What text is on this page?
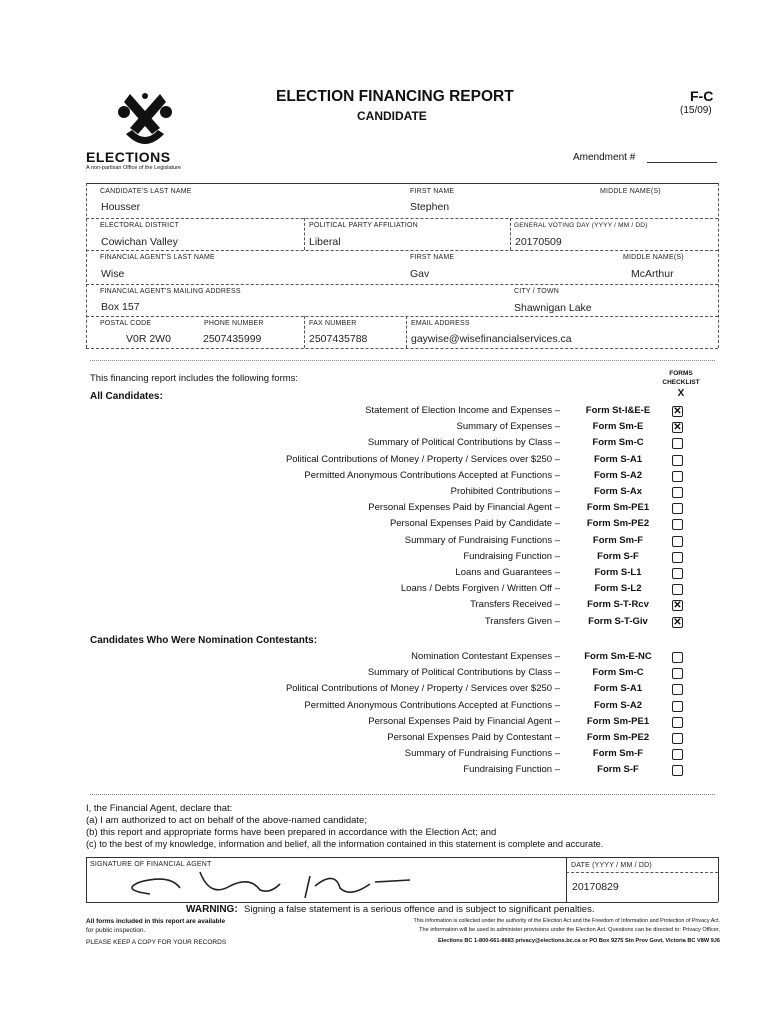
ELECTIONS
A non-partisan Office of the Legislature
ELECTION FINANCING REPORT
CANDIDATE
F-C
(15/09)
Amendment #
CANDIDATE'S LAST NAME
Housser
FIRST NAME
Stephen
MIDDLE NAME(S)
ELECTORAL DISTRICT
Cowichan Valley
POLITICAL PARTY AFFILIATION
Liberal
GENERAL VOTING DAY (YYYY / MM / DD)
20170509
FINANCIAL AGENT'S LAST NAME
Wise
FIRST NAME
Gav
MIDDLE NAME(S)
McArthur
FINANCIAL AGENT'S MAILING ADDRESS
Box 157
CITY / TOWN
Shawnigan Lake
POSTAL CODE
V0R 2W0
PHONE NUMBER
2507435999
FAX NUMBER
2507435788
EMAIL ADDRESS
gaywise@wisefinancialservices.ca
This financing report includes the following forms:	FORMS
CHECKLIST
X
All Candidates:
Statement of Election Income and Expenses –	Form St-I&E-E	✕
Summary of Expenses –	Form Sm-E	✕
Summary of Political Contributions by Class –	Form Sm-C
Political Contributions of Money / Property / Services over $250 –	Form S-A1
Permitted Anonymous Contributions Accepted at Functions –	Form S-A2
Prohibited Contributions –	Form S-Ax
Personal Expenses Paid by Financial Agent –	Form Sm-PE1
Personal Expenses Paid by Candidate –	Form Sm-PE2
Summary of Fundraising Functions –	Form Sm-F
Fundraising Function –	Form S-F
Loans and Guarantees –	Form S-L1
Loans / Debts Forgiven / Written Off –	Form S-L2
Transfers Received –	Form S-T-Rcv	✕
Transfers Given –	Form S-T-Giv	✕
Candidates Who Were Nomination Contestants:
Nomination Contestant Expenses –	Form Sm-E-NC
Summary of Political Contributions by Class –	Form Sm-C
Political Contributions of Money / Property / Services over $250 –	Form S-A1
Permitted Anonymous Contributions Accepted at Functions –	Form S-A2
Personal Expenses Paid by Financial Agent –	Form Sm-PE1
Personal Expenses Paid by Contestant –	Form Sm-PE2
Summary of Fundraising Functions –	Form Sm-F
Fundraising Function –	Form S-F
I, the Financial Agent, declare that:
(a) I am authorized to act on behalf of the above-named candidate;
(b) this report and appropriate forms have been prepared in accordance with the Election Act; and
(c) to the best of my knowledge, information and belief, all the information contained in this statement is complete and accurate.
SIGNATURE OF FINANCIAL AGENT	DATE (YYYY / MM / DD)
20170829
WARNING: Signing a false statement is a serious offence and is subject to significant penalties.
All forms included in this report are available
for public inspection.
PLEASE KEEP A COPY FOR YOUR RECORDS
This information is collected under the authority of the Election Act and the Freedom of Information and Protection of Privacy Act.
The information will be used to administer provisions under the Election Act. Questions can be directed to: Privacy Officer,
Elections BC 1-800-661-8683 privacy@elections.bc.ca or PO Box 9275 Stn Prov Govt, Victoria BC V8W 9J6
